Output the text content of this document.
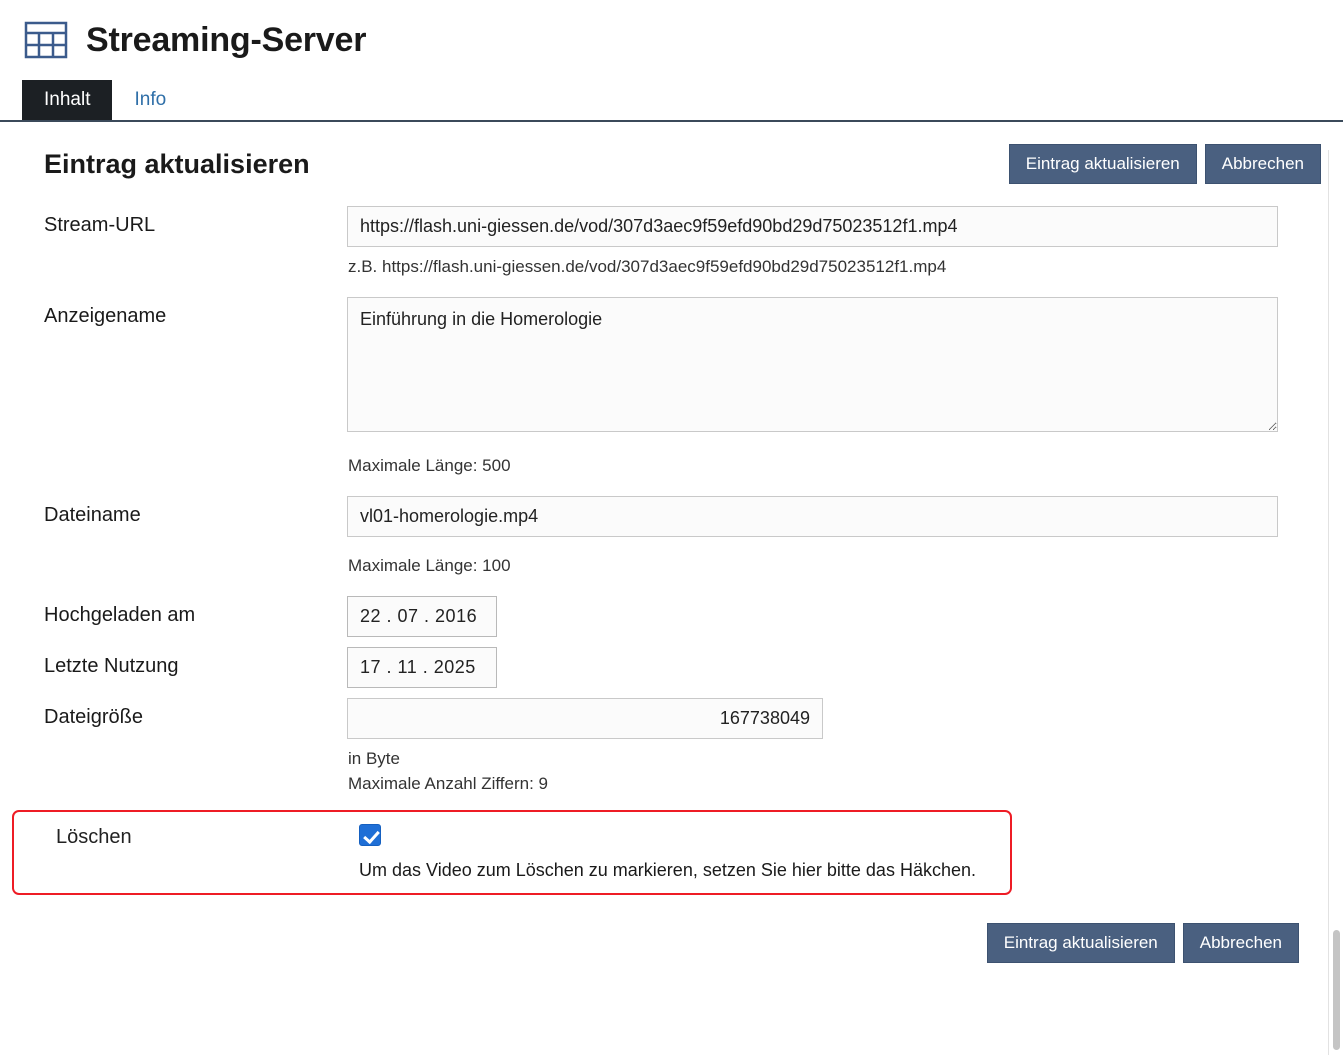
Streaming-Server
Inhalt	Info
Eintrag aktualisieren	Eintrag aktualisieren	Abbrechen
Stream-URL
https://flash.uni-giessen.de/vod/307d3aec9f59efd90bd29d75023512f1.mp4
z.B. https://flash.uni-giessen.de/vod/307d3aec9f59efd90bd29d75023512f1.mp4
Anzeigename
Einführung in die Homerologie
Maximale Länge: 500
Dateiname
vl01-homerologie.mp4
Maximale Länge: 100
Hochgeladen am
22 . 07 . 2016
Letzte Nutzung
17 . 11 . 2025
Dateigröße
167738049
in Byte
Maximale Anzahl Ziffern: 9
Löschen
Um das Video zum Löschen zu markieren, setzen Sie hier bitte das Häkchen.
Eintrag aktualisieren	Abbrechen
